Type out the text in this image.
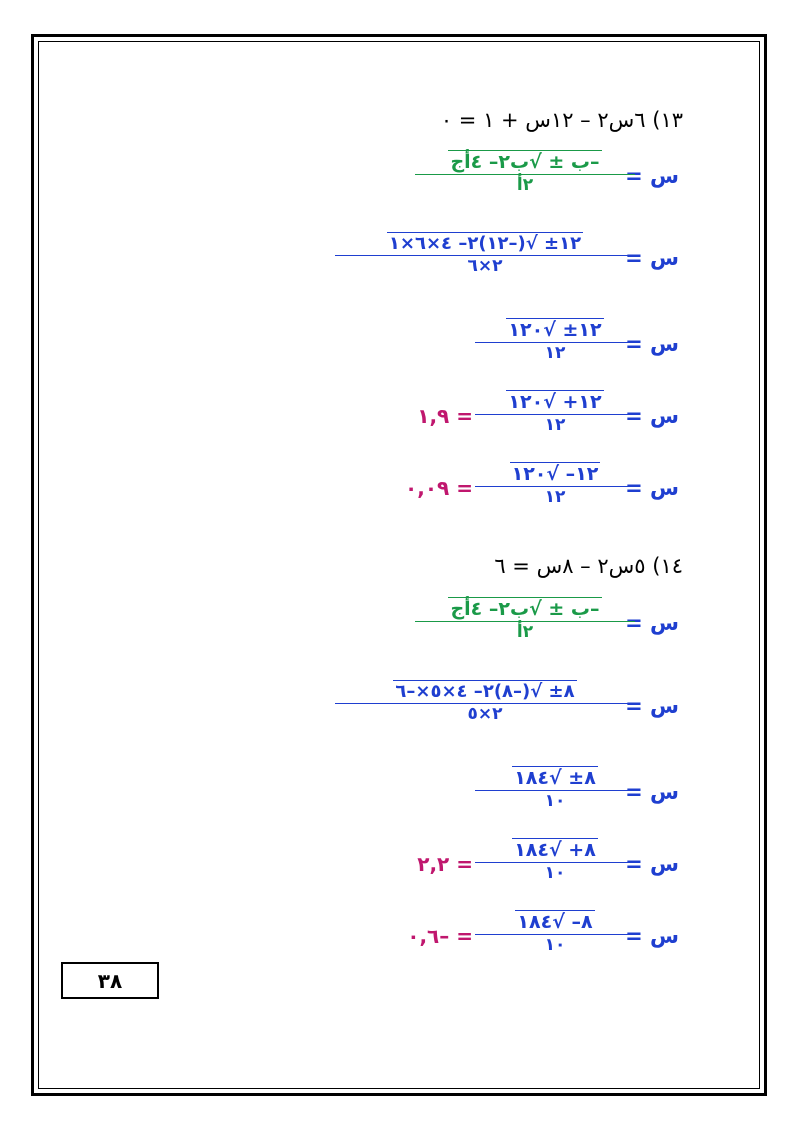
١٣) ٦س٢ – ١٢س + ١ = ٠
س =
–ب ± √ب٢– ٤أج
٢أ
س =
١٢± √(–١٢)٢– ٤×٦×١
٢×٦
س =
١٢± √١٢٠
١٢
س =
١٢+ √١٢٠
١٢
= ١,٩
س =
١٢– √١٢٠
١٢
= ٠,٠٩
١٤) ٥س٢ – ٨س = ٦
س =
–ب ± √ب٢– ٤أج
٢أ
س =
٨± √(–٨)٢– ٤×٥×–٦
٢×٥
س =
٨± √١٨٤
١٠
س =
٨+ √١٨٤
١٠
= ٢,٢
س =
٨– √١٨٤
١٠
= –٠,٦
٣٨
